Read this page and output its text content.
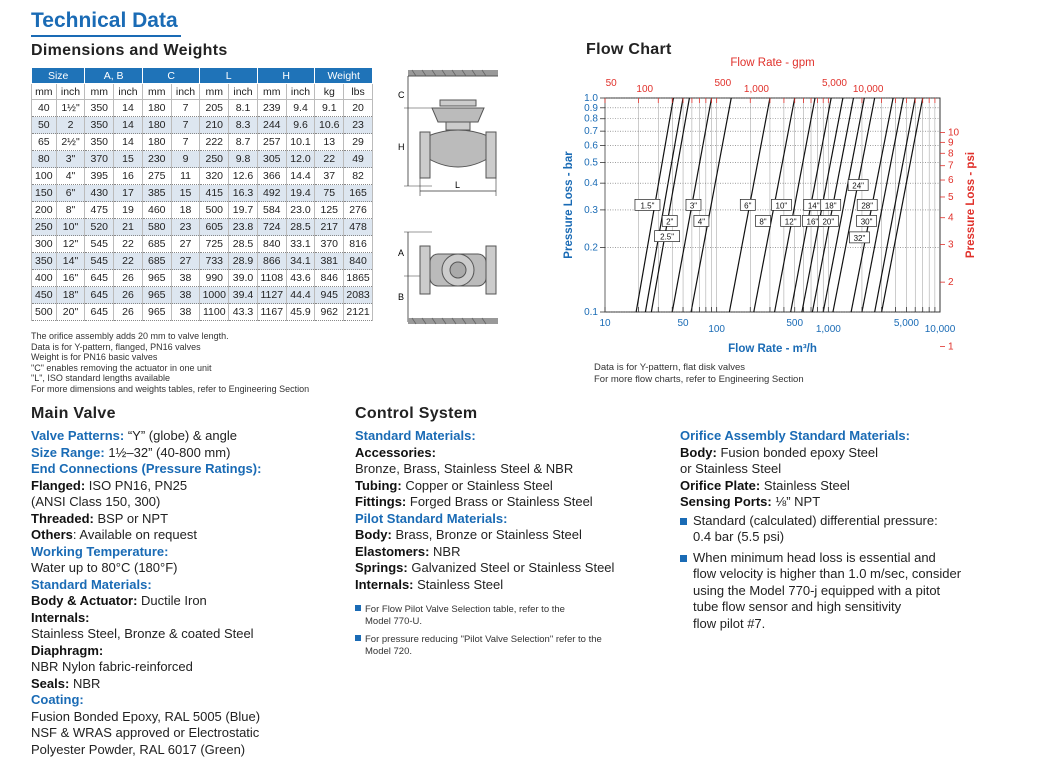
Technical Data
Dimensions and Weights
Size		A, B		C		L		H		Weight	
mm	inch	mm	inch	mm	inch	mm	inch	mm	inch	kg	lbs
40	1½"	350	14	180	7	205	8.1	239	9.4	9.1	20
50	2	350	14	180	7	210	8.3	244	9.6	10.6	23
65	2½"	350	14	180	7	222	8.7	257	10.1	13	29
80	3"	370	15	230	9	250	9.8	305	12.0	22	49
100	4"	395	16	275	11	320	12.6	366	14.4	37	82
150	6"	430	17	385	15	415	16.3	492	19.4	75	165
200	8"	475	19	460	18	500	19.7	584	23.0	125	276
250	10"	520	21	580	23	605	23.8	724	28.5	217	478
300	12"	545	22	685	27	725	28.5	840	33.1	370	816
350	14"	545	22	685	27	733	28.9	866	34.1	381	840
400	16"	645	26	965	38	990	39.0	1108	43.6	846	1865
450	18"	645	26	965	38	1000	39.4	1127	44.4	945	2083
500	20"	645	26	965	38	1100	43.3	1167	45.9	962	2121
The orifice assembly adds 20 mm to valve length.
Data is for Y-pattern, flanged, PN16 valves
Weight is for PN16 basic valves
"C" enables removing the actuator in one unit
"L", ISO standard lengths available
For more dimensions and weights tables, refer to Engineering Section
C
H
L
A
B
Flow Chart
0.1
0.2
0.3
0.4
0.5
0.6
0.7
0.8
0.9
1.0
1
2
3
4
5
6
7
8
9
10
10	50
100
500
1,000
5,000
10,000
50
100
500
1,000
5,000
10,000
Flow Rate - gpm
Flow Rate - m³/h
Pressure Loss - bar	Pressure Loss - psi
1.5"
2"
2.5"
3"
4"
6"
8"
10"
12"
14"
16"
18"
20"
24"
28"
30"
32"
Data is for Y-pattern, flat disk valves
For more flow charts, refer to Engineering Section
Main Valve
Valve Patterns: “Y” (globe) & angle
Size Range: 1½–32” (40-800 mm)
End Connections (Pressure Ratings):
Flanged: ISO PN16, PN25
(ANSI Class 150, 300)
Threaded: BSP or NPT
Others: Available on request
Working Temperature:
Water up to 80°C (180°F)
Standard Materials:
Body & Actuator: Ductile Iron
Internals:
Stainless Steel, Bronze & coated Steel
Diaphragm:
NBR Nylon fabric-reinforced
Seals: NBR
Coating:
Fusion Bonded Epoxy, RAL 5005 (Blue)
NSF & WRAS approved or Electrostatic
Polyester Powder, RAL 6017 (Green)
Control System
Standard Materials:
Accessories:
Bronze, Brass, Stainless Steel & NBR
Tubing: Copper or Stainless Steel
Fittings: Forged Brass or Stainless Steel
Pilot Standard Materials:
Body: Brass, Bronze or Stainless Steel
Elastomers: NBR
Springs: Galvanized Steel or Stainless Steel
Internals: Stainless Steel
For Flow Pilot Valve Selection table, refer to the
Model 770-U.
For pressure reducing "Pilot Valve Selection" refer to the
Model 720.
Orifice Assembly Standard Materials:
Body: Fusion bonded epoxy Steel
or Stainless Steel
Orifice Plate: Stainless Steel
Sensing Ports: ⅛” NPT
Standard (calculated) differential pressure:
0.4 bar (5.5 psi)
When minimum head loss is essential and
flow velocity is higher than 1.0 m/sec, consider
using the Model 770-j equipped with a pitot
tube flow sensor and high sensitivity
flow pilot #7.
